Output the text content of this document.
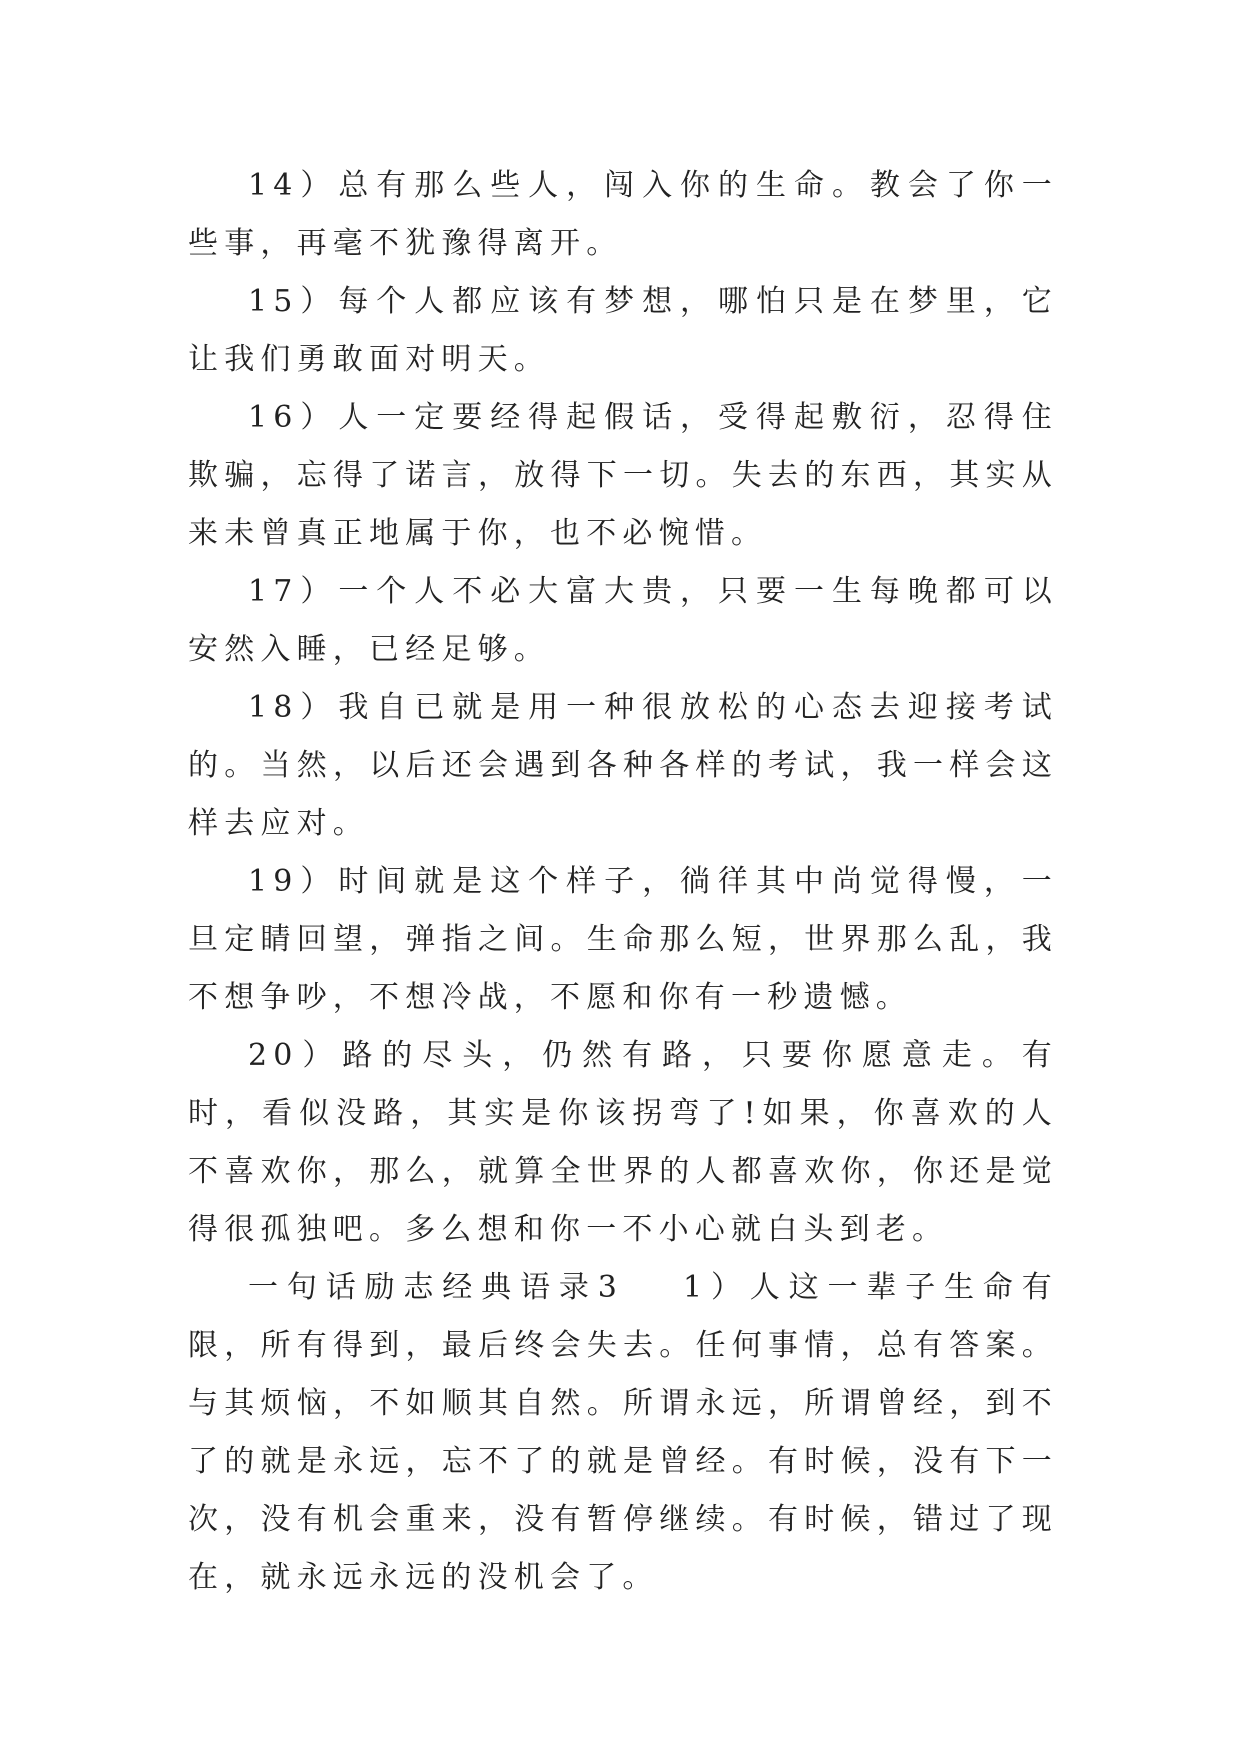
14）总有那么些人，闯入你的生命。教会了你一些事，再毫不犹豫得离开。

15）每个人都应该有梦想，哪怕只是在梦里，它让我们勇敢面对明天。

16）人一定要经得起假话，受得起敷衍，忍得住欺骗，忘得了诺言，放得下一切。失去的东西，其实从来未曾真正地属于你，也不必惋惜。

17）一个人不必大富大贵，只要一生每晚都可以安然入睡，已经足够。

18）我自已就是用一种很放松的心态去迎接考试的。当然，以后还会遇到各种各样的考试，我一样会这样去应对。

19）时间就是这个样子，徜徉其中尚觉得慢，一旦定睛回望，弹指之间。生命那么短，世界那么乱，我不想争吵，不想冷战，不愿和你有一秒遗憾。

20）路的尽头，仍然有路，只要你愿意走。有时，看似没路，其实是你该拐弯了!如果，你喜欢的人不喜欢你，那么，就算全世界的人都喜欢你，你还是觉得很孤独吧。多么想和你一不小心就白头到老。

一句话励志经典语录3 1）人这一辈子生命有限，所有得到，最后终会失去。任何事情，总有答案。与其烦恼，不如顺其自然。所谓永远，所谓曾经，到不了的就是永远，忘不了的就是曾经。有时候，没有下一次，没有机会重来，没有暂停继续。有时候，错过了现在，就永远永远的没机会了。
